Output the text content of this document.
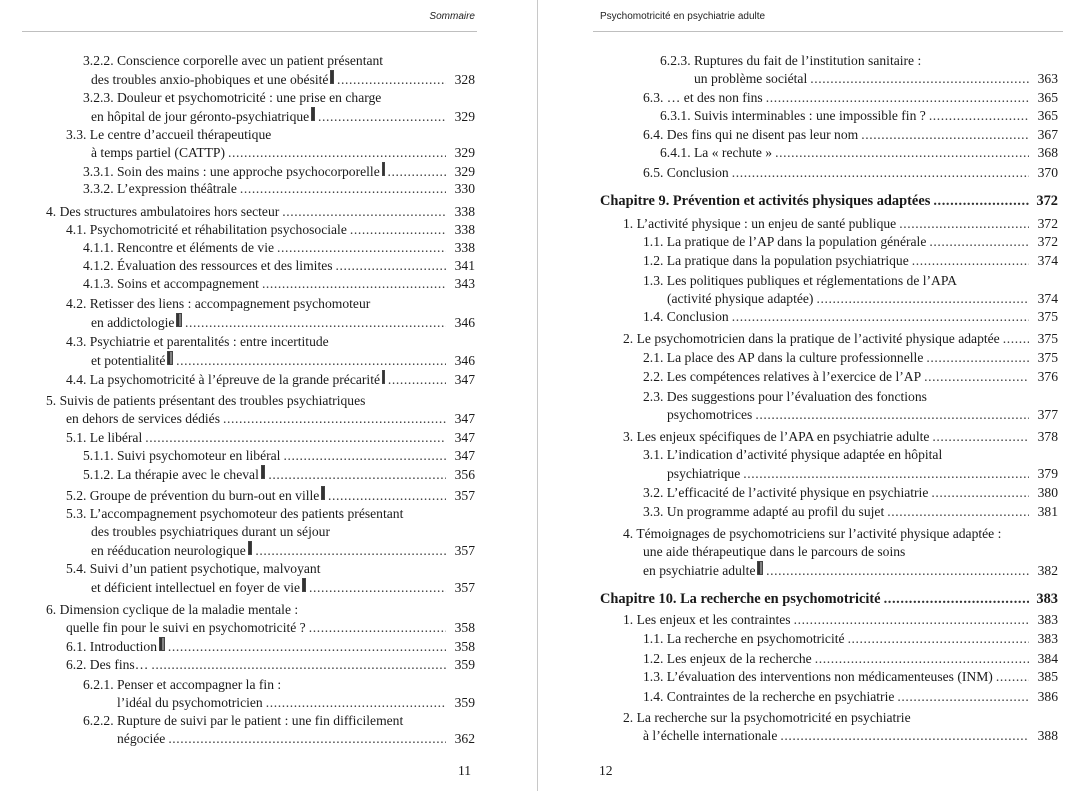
Sommaire
3.2.2. Conscience corporelle avec un patient présentant
des troubles anxio-phobiques et une obésité .....	328
3.2.3. Douleur et psychomotricité : une prise en charge
en hôpital de jour géronto-psychiatrique .....	329
3.3. Le centre d’accueil thérapeutique
à temps partiel (CATTP) .....	329
3.3.1. Soin des mains : une approche psychocorporelle .....	329
3.3.2. L’expression théâtrale .....	330
4. Des structures ambulatoires hors secteur .....	338
4.1. Psychomotricité et réhabilitation psychosociale .....	338
4.1.1. Rencontre et éléments de vie .....	338
4.1.2. Évaluation des ressources et des limites .....	341
4.1.3. Soins et accompagnement .....	343
4.2. Retisser des liens : accompagnement psychomoteur
en addictologie .....	346
4.3. Psychiatrie et parentalités : entre incertitude
et potentialité .....	346
4.4. La psychomotricité à l’épreuve de la grande précarité .....	347
5. Suivis de patients présentant des troubles psychiatriques
en dehors de services dédiés .....	347
5.1. Le libéral .....	347
5.1.1. Suivi psychomoteur en libéral .....	347
5.1.2. La thérapie avec le cheval .....	356
5.2. Groupe de prévention du burn-out en ville .....	357
5.3. L’accompagnement psychomoteur des patients présentant
des troubles psychiatriques durant un séjour
en rééducation neurologique .....	357
5.4. Suivi d’un patient psychotique, malvoyant
et déficient intellectuel en foyer de vie .....	357
6. Dimension cyclique de la maladie mentale :
quelle fin pour le suivi en psychomotricité ? .....	358
6.1. Introduction .....	358
6.2. Des fins… .....	359
6.2.1. Penser et accompagner la fin :
l’idéal du psychomotricien .....	359
6.2.2. Rupture de suivi par le patient : une fin difficilement
négociée .....	362
11
Psychomotricité en psychiatrie adulte
6.2.3. Ruptures du fait de l’institution sanitaire :
un problème sociétal .....	363
6.3. … et des non fins .....	365
6.3.1. Suivis interminables : une impossible fin ? .....	365
6.4. Des fins qui ne disent pas leur nom .....	367
6.4.1. La « rechute » .....	368
6.5. Conclusion .....	370
Chapitre 9. Prévention et activités physiques adaptées .....	372
1. L’activité physique : un enjeu de santé publique .....	372
1.1. La pratique de l’AP dans la population générale .....	372
1.2. La pratique dans la population psychiatrique .....	374
1.3. Les politiques publiques et réglementations de l’APA
(activité physique adaptée) .....	374
1.4. Conclusion .....	375
2. Le psychomotricien dans la pratique de l’activité physique adaptée .....	375
2.1. La place des AP dans la culture professionnelle .....	375
2.2. Les compétences relatives à l’exercice de l’AP .....	376
2.3. Des suggestions pour l’évaluation des fonctions
psychomotrices .....	377
3. Les enjeux spécifiques de l’APA en psychiatrie adulte .....	378
3.1. L’indication d’activité physique adaptée en hôpital
psychiatrique .....	379
3.2. L’efficacité de l’activité physique en psychiatrie .....	380
3.3. Un programme adapté au profil du sujet .....	381
4. Témoignages de psychomotriciens sur l’activité physique adaptée :
une aide thérapeutique dans le parcours de soins
en psychiatrie adulte .....	382
Chapitre 10. La recherche en psychomotricité .....	383
1. Les enjeux et les contraintes .....	383
1.1. La recherche en psychomotricité .....	383
1.2. Les enjeux de la recherche .....	384
1.3. L’évaluation des interventions non médicamenteuses (INM) .....	385
1.4. Contraintes de la recherche en psychiatrie .....	386
2. La recherche sur la psychomotricité en psychiatrie
à l’échelle internationale .....	388
12
